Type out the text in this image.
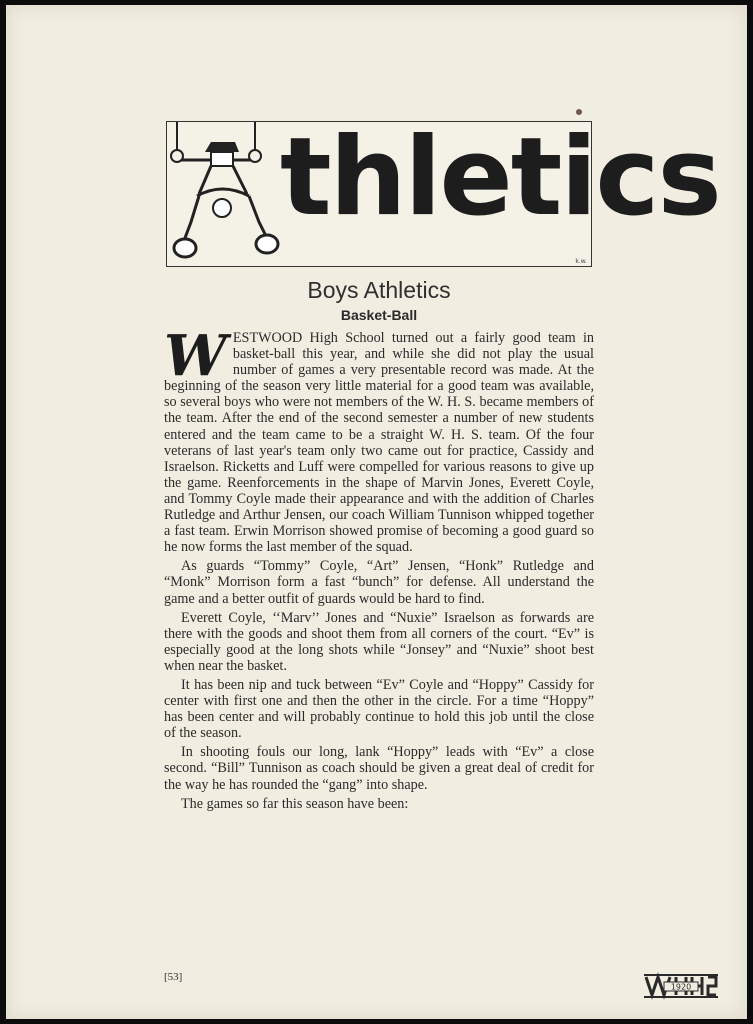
thletics
k.w.
Boys Athletics
Basket-Ball

WESTWOOD High School turned out a fairly good team in basket-ball this year, and while she did not play the usual number of games a very presentable record was made. At the beginning of the season very little material for a good team was available, so several boys who were not members of the W. H. S. became members of the team. After the end of the second semester a number of new students entered and the team came to be a straight W. H. S. team. Of the four veterans of last year's team only two came out for practice, Cassidy and Israelson. Ricketts and Luff were compelled for various reasons to give up the game. Reenforcements in the shape of Marvin Jones, Everett Coyle, and Tommy Coyle made their appearance and with the addition of Charles Rutledge and Arthur Jensen, our coach William Tunnison whipped together a fast team. Erwin Morrison showed promise of becoming a good guard so he now forms the last member of the squad.

As guards “Tommy” Coyle, “Art” Jensen, “Honk” Rutledge and “Monk” Morrison form a fast “bunch” for defense. All understand the game and a better outfit of guards would be hard to find.

Everett Coyle, ‘‘Marv’’ Jones and “Nuxie” Israelson as forwards are there with the goods and shoot them from all corners of the court. “Ev” is especially good at the long shots while “Jonsey” and “Nuxie” shoot best when near the basket.

It has been nip and tuck between “Ev” Coyle and “Hoppy” Cassidy for center with first one and then the other in the circle. For a time “Hoppy” has been center and will probably continue to hold this job until the close of the season.

In shooting fouls our long, lank “Hoppy” leads with “Ev” a close second. “Bill” Tunnison as coach should be given a great deal of credit for the way he has rounded the “gang” into shape.

The games so far this season have been:

[53]
1920
